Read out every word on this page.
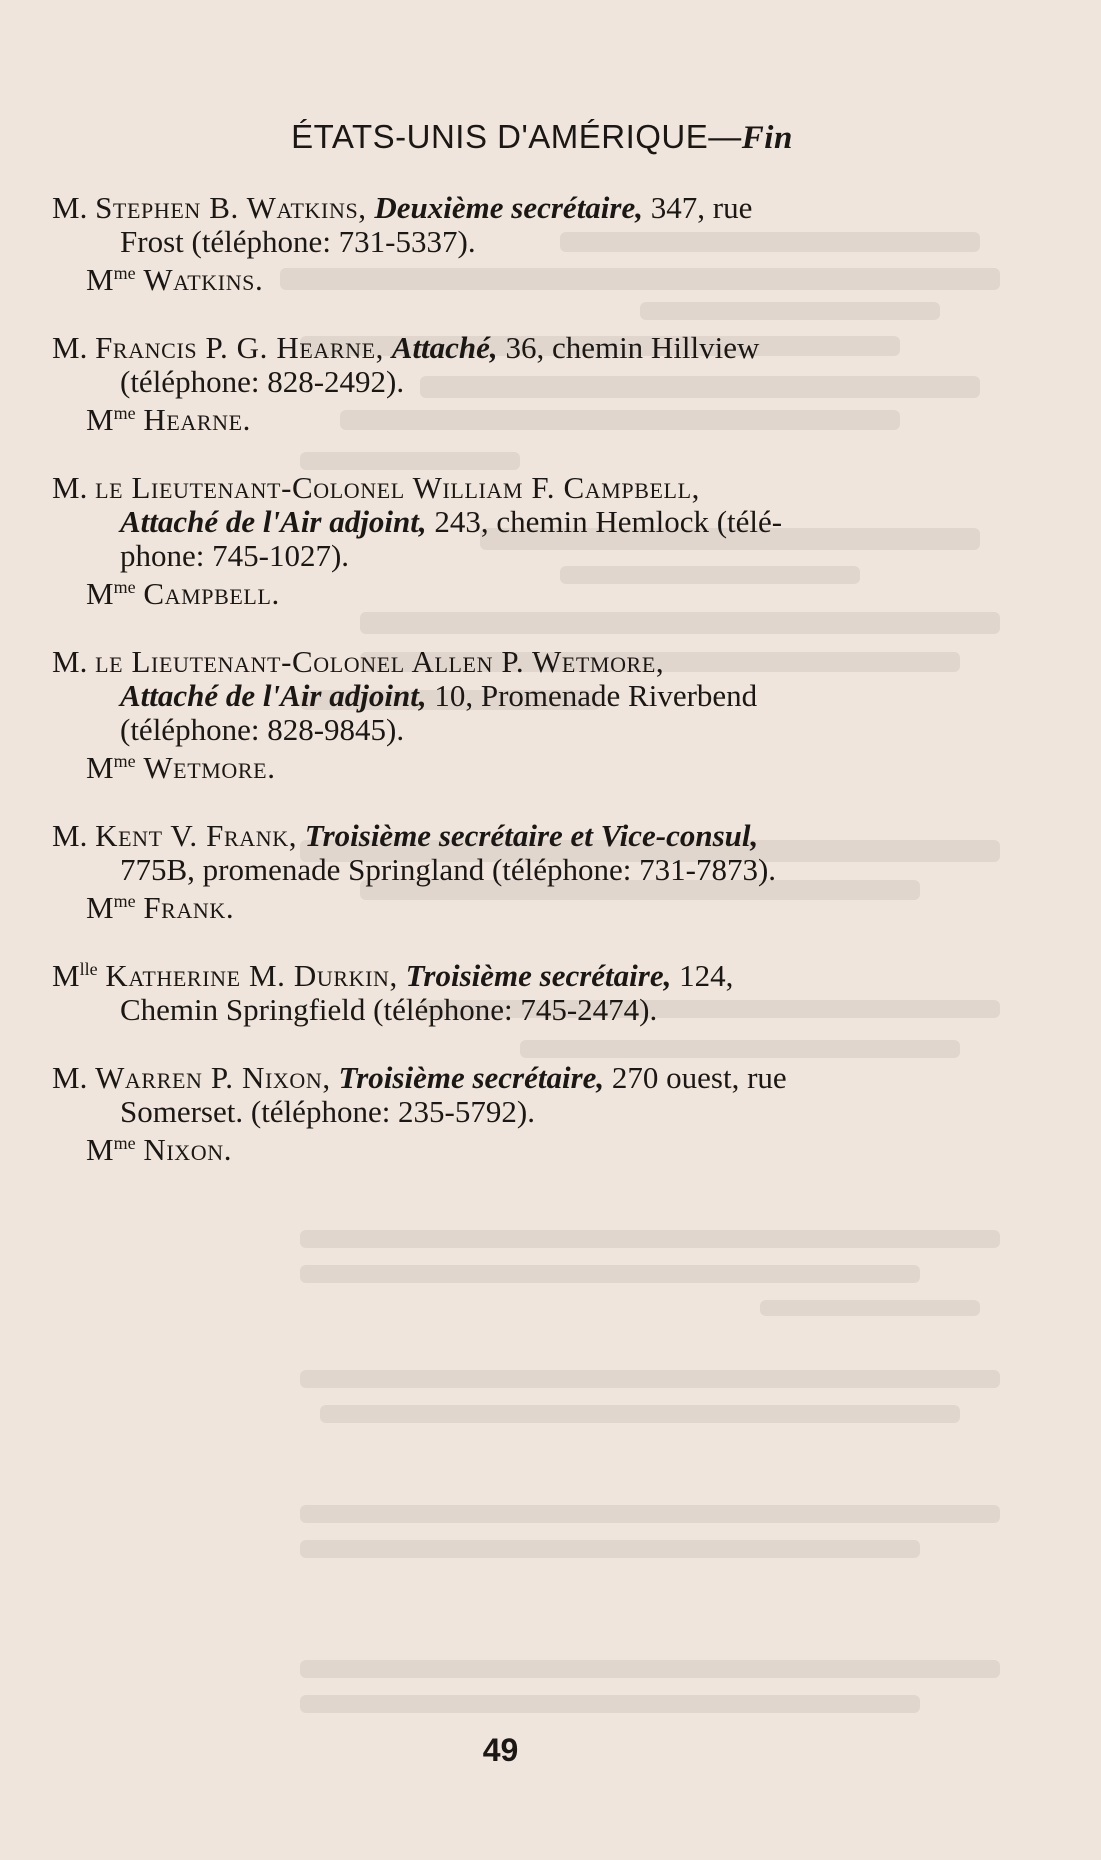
ÉTATS-UNIS D'AMÉRIQUE—Fin
M. Stephen B. Watkins, Deuxième secrétaire, 347, rue
Frost (téléphone: 731-5337).
$M^{me}$ Watkins.
M. Francis P. G. Hearne, Attaché, 36, chemin Hillview
(téléphone: 828-2492).
$M^{me}$ Hearne.
M. le Lieutenant-Colonel William F. Campbell,
Attaché de l'Air adjoint, 243, chemin Hemlock (télé-
phone: 745-1027).
$M^{me}$ Campbell.
M. le Lieutenant-Colonel Allen P. Wetmore,
Attaché de l'Air adjoint, 10, Promenade Riverbend
(téléphone: 828-9845).
$M^{me}$ Wetmore.
M. Kent V. Frank, Troisième secrétaire et Vice-consul,
775B, promenade Springland (téléphone: 731-7873).
$M^{me}$ Frank.
$M^{lle}$ Katherine M. Durkin, Troisième secrétaire, 124,
Chemin Springfield (téléphone: 745-2474).
M. Warren P. Nixon, Troisième secrétaire, 270 ouest, rue
Somerset. (téléphone: 235-5792).
$M^{me}$ Nixon.
49
